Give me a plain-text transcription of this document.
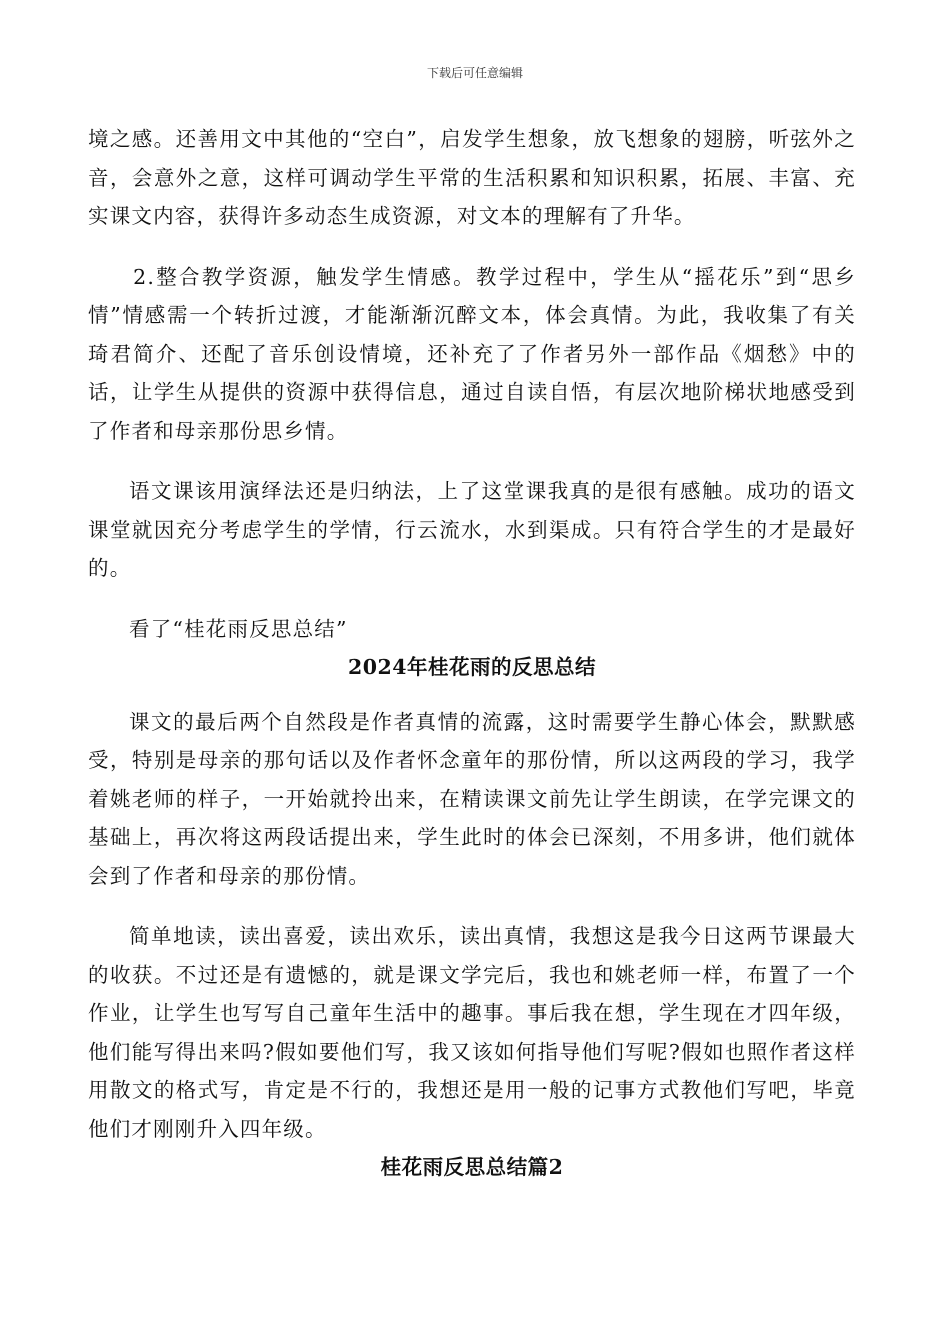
下载后可任意编辑

境之感。还善用文中其他的“空白”，启发学生想象，放飞想象的翅膀，听弦外之音，会意外之意，这样可调动学生平常的生活积累和知识积累，拓展、丰富、充实课文内容，获得许多动态生成资源，对文本的理解有了升华。

2.整合教学资源，触发学生情感。教学过程中，学生从“摇花乐”到“思乡情”情感需一个转折过渡，才能渐渐沉醉文本，体会真情。为此，我收集了有关琦君简介、还配了音乐创设情境，还补充了了作者另外一部作品《烟愁》中的话，让学生从提供的资源中获得信息，通过自读自悟，有层次地阶梯状地感受到了作者和母亲那份思乡情。

语文课该用演绎法还是归纳法，上了这堂课我真的是很有感触。成功的语文课堂就因充分考虑学生的学情，行云流水，水到渠成。只有符合学生的才是最好的。

看了“桂花雨反思总结”

2024年桂花雨的反思总结

课文的最后两个自然段是作者真情的流露，这时需要学生静心体会，默默感受，特别是母亲的那句话以及作者怀念童年的那份情，所以这两段的学习，我学着姚老师的样子，一开始就拎出来，在精读课文前先让学生朗读，在学完课文的基础上，再次将这两段话提出来，学生此时的体会已深刻，不用多讲，他们就体会到了作者和母亲的那份情。

简单地读，读出喜爱，读出欢乐，读出真情，我想这是我今日这两节课最大的收获。不过还是有遗憾的，就是课文学完后，我也和姚老师一样，布置了一个作业，让学生也写写自己童年生活中的趣事。事后我在想，学生现在才四年级，他们能写得出来吗?假如要他们写，我又该如何指导他们写呢?假如也照作者这样用散文的格式写，肯定是不行的，我想还是用一般的记事方式教他们写吧，毕竟他们才刚刚升入四年级。

桂花雨反思总结篇2
